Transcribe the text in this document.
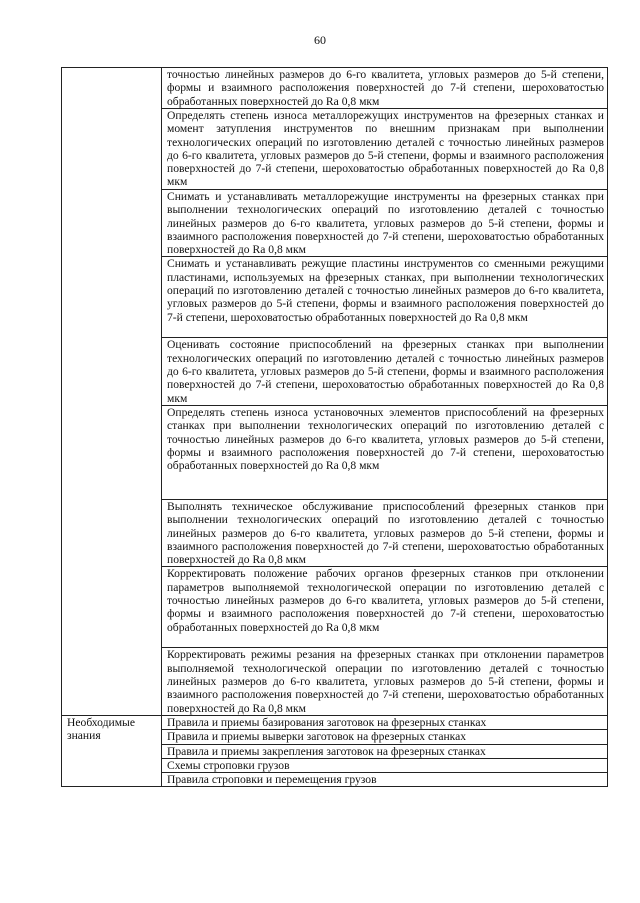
60
	точностью линейных размеров до 6-го квалитета, угловых размеров до 5-й степени, формы и взаимного расположения поверхностей до 7-й степени, шероховатостью обработанных поверхностей до Ra 0,8 мкм
	Определять степень износа металлорежущих инструментов на фрезерных станках и момент затупления инструментов по внешним признакам при выполнении технологических операций по изготовлению деталей с точностью линейных размеров до 6-го квалитета, угловых размеров до 5-й степени, формы и взаимного расположения поверхностей до 7-й степени, шероховатостью обработанных поверхностей до Ra 0,8 мкм
	Снимать и устанавливать металлорежущие инструменты на фрезерных станках при выполнении технологических операций по изготовлению деталей с точностью линейных размеров до 6-го квалитета, угловых размеров до 5-й степени, формы и взаимного расположения поверхностей до 7-й степени, шероховатостью обработанных поверхностей до Ra 0,8 мкм
	Снимать и устанавливать режущие пластины инструментов со сменными режущими пластинами, используемых на фрезерных станках, при выполнении технологических операций по изготовлению деталей с точностью линейных размеров до 6-го квалитета, угловых размеров до 5-й степени, формы и взаимного расположения поверхностей до 7-й степени, шероховатостью обработанных поверхностей до Ra 0,8 мкм
	Оценивать состояние приспособлений на фрезерных станках при выполнении технологических операций по изготовлению деталей с точностью линейных размеров до 6-го квалитета, угловых размеров до 5-й степени, формы и взаимного расположения поверхностей до 7-й степени, шероховатостью обработанных поверхностей до Ra 0,8 мкм
	Определять степень износа установочных элементов приспособлений на фрезерных станках при выполнении технологических операций по изготовлению деталей с точностью линейных размеров до 6-го квалитета, угловых размеров до 5-й степени, формы и взаимного расположения поверхностей до 7-й степени, шероховатостью обработанных поверхностей до Ra 0,8 мкм
	Выполнять техническое обслуживание приспособлений фрезерных станков при выполнении технологических операций по изготовлению деталей с точностью линейных размеров до 6-го квалитета, угловых размеров до 5-й степени, формы и взаимного расположения поверхностей до 7-й степени, шероховатостью обработанных поверхностей до Ra 0,8 мкм
	Корректировать положение рабочих органов фрезерных станков при отклонении параметров выполняемой технологической операции по изготовлению деталей с точностью линейных размеров до 6-го квалитета, угловых размеров до 5-й степени, формы и взаимного расположения поверхностей до 7-й степени, шероховатостью обработанных поверхностей до Ra 0,8 мкм
	Корректировать режимы резания на фрезерных станках при отклонении параметров выполняемой технологической операции по изготовлению деталей с точностью линейных размеров до 6-го квалитета, угловых размеров до 5-й степени, формы и взаимного расположения поверхностей до 7-й степени, шероховатостью обработанных поверхностей до Ra 0,8 мкм
Необходимые знания	Правила и приемы базирования заготовок на фрезерных станках
	Правила и приемы выверки заготовок на фрезерных станках
	Правила и приемы закрепления заготовок на фрезерных станках
	Схемы строповки грузов
	Правила строповки и перемещения грузов
